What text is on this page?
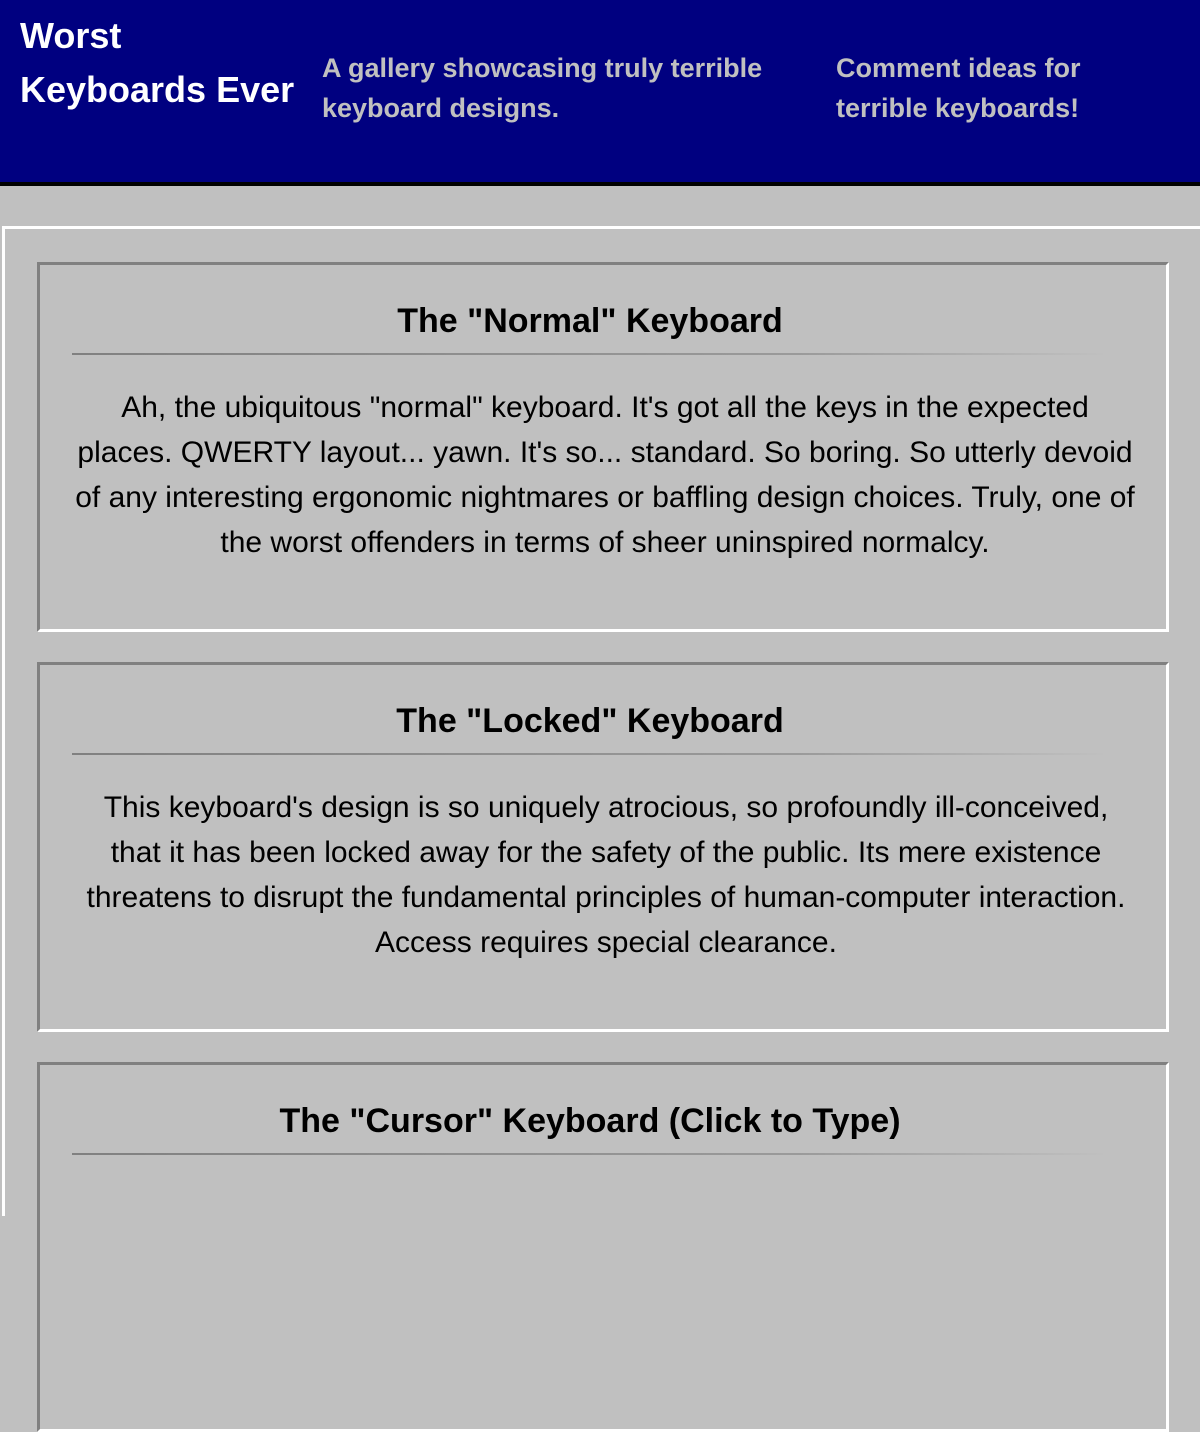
Worst Keyboards Ever
A gallery showcasing truly terrible keyboard designs.
Comment ideas for terrible keyboards!
The "Normal" Keyboard

Ah, the ubiquitous "normal" keyboard. It's got all the keys in the expected places. QWERTY layout... yawn. It's so... standard. So boring. So utterly devoid of any interesting ergonomic nightmares or baffling design choices. Truly, one of the worst offenders in terms of sheer uninspired normalcy.

The "Locked" Keyboard

This keyboard's design is so uniquely atrocious, so profoundly ill-conceived, that it has been locked away for the safety of the public. Its mere existence threatens to disrupt the fundamental principles of human-computer interaction. Access requires special clearance.

The "Cursor" Keyboard (Click to Type)
